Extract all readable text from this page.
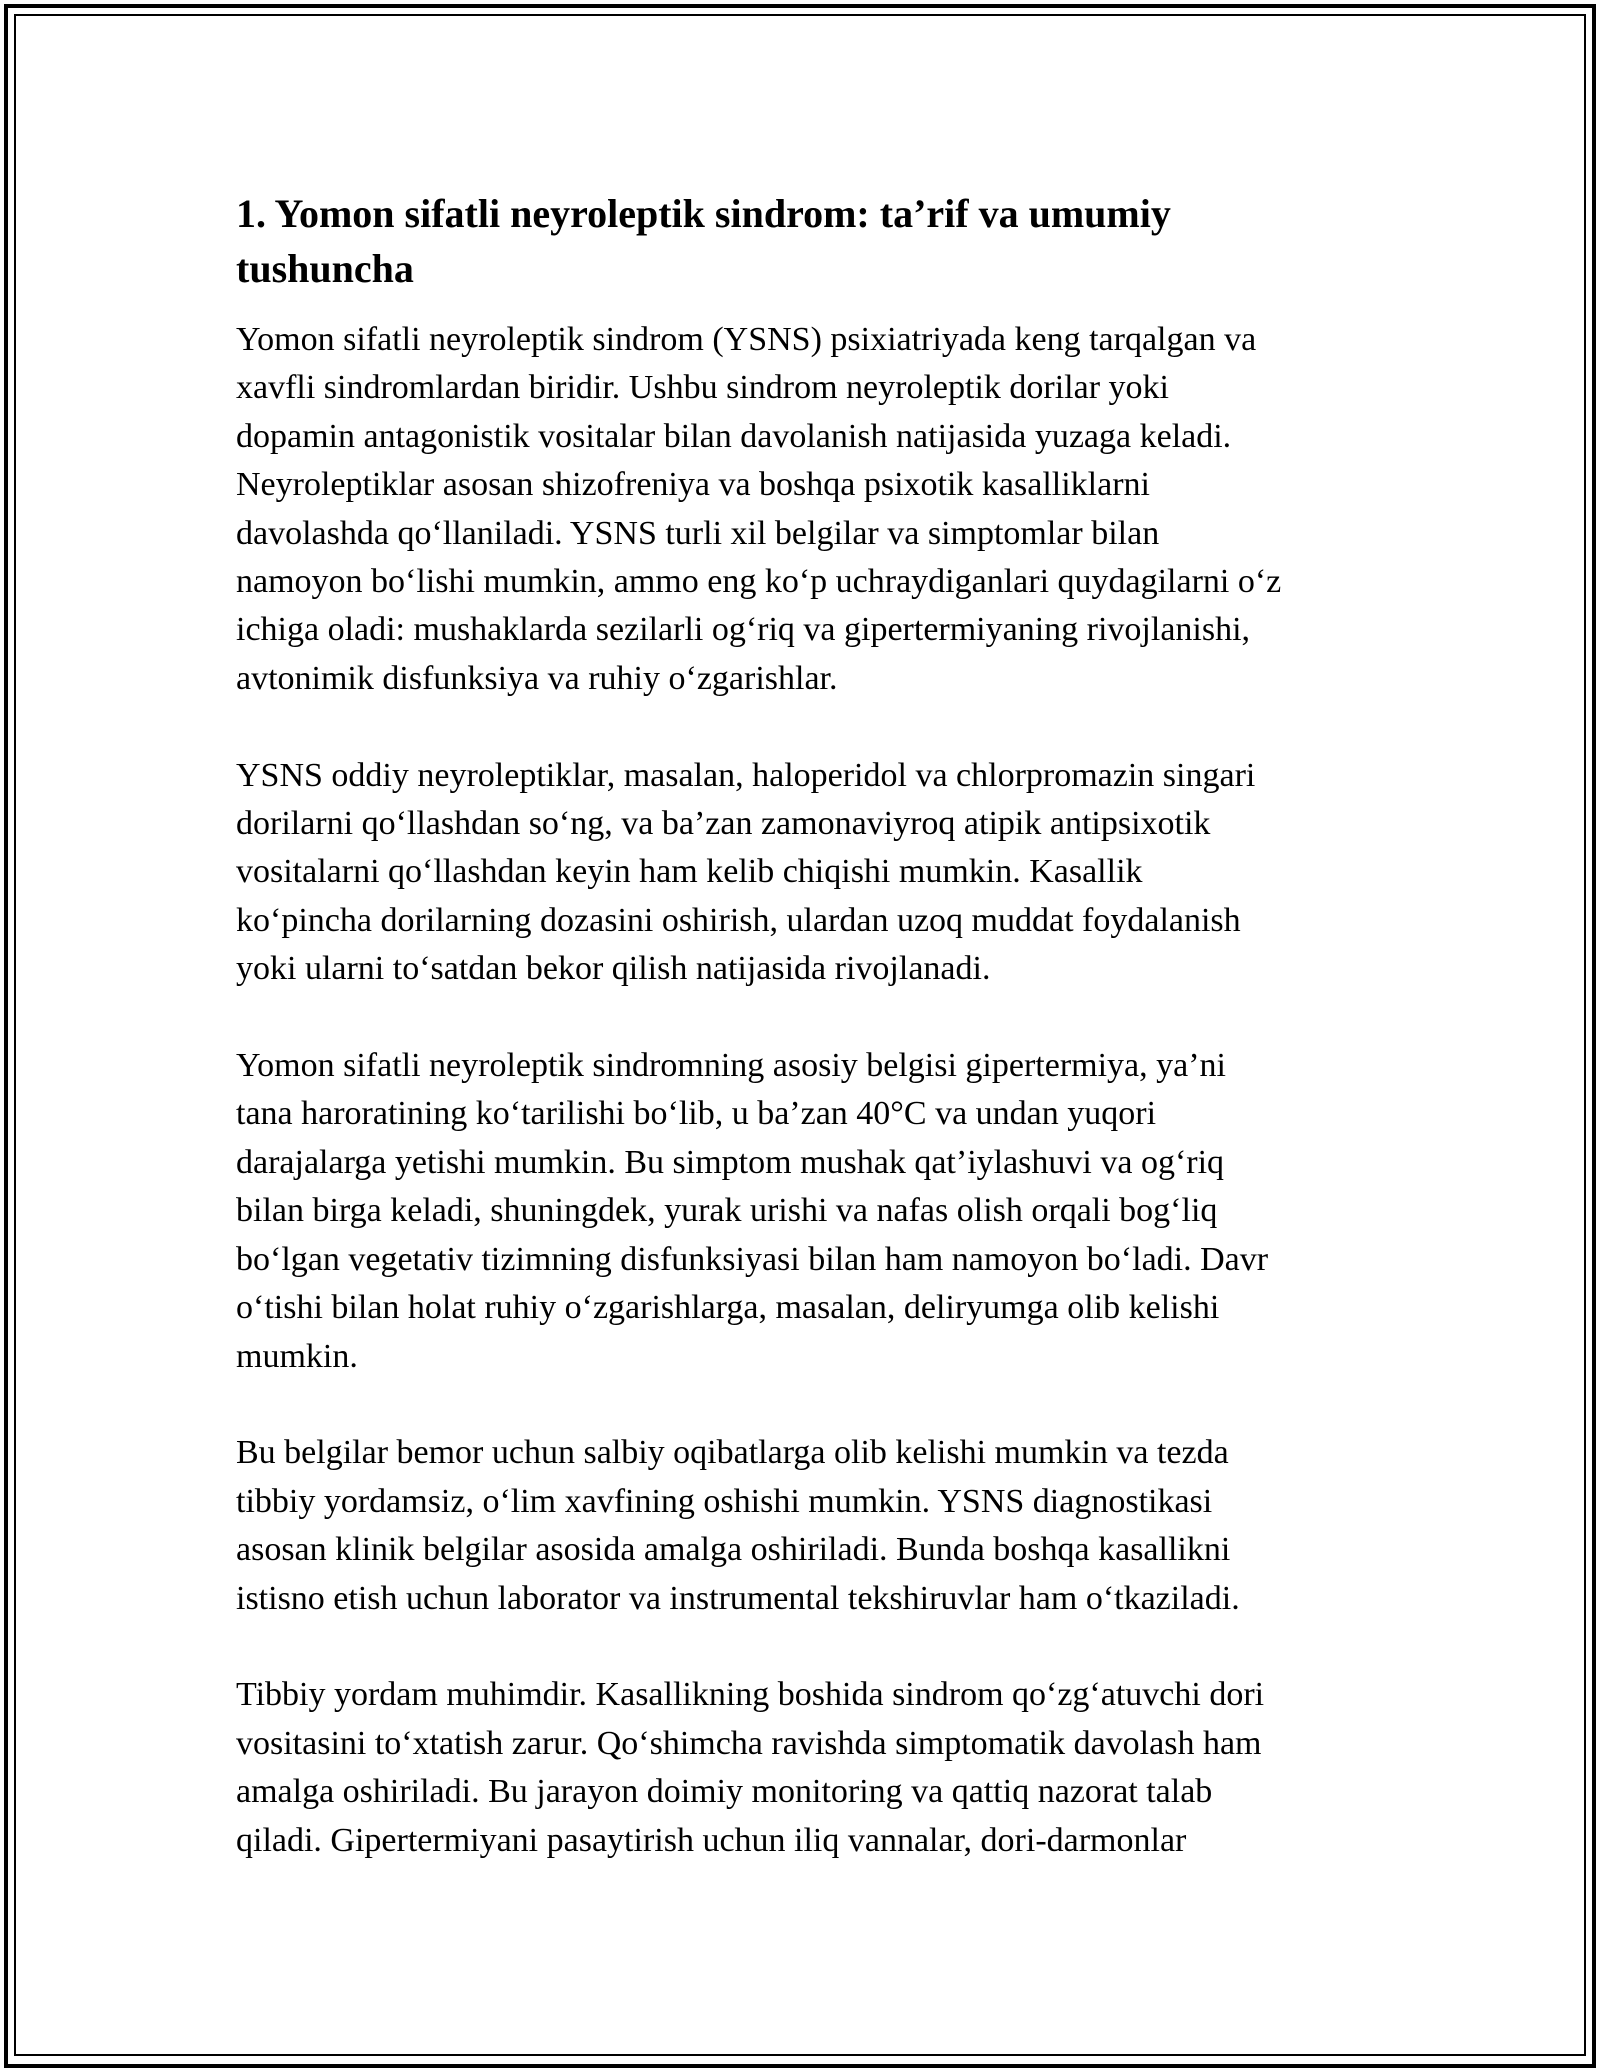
1. Yomon sifatli neyroleptik sindrom: ta’rif va umumiy
tushuncha

Yomon sifatli neyroleptik sindrom (YSNS) psixiatriyada keng tarqalgan va
xavfli sindromlardan biridir. Ushbu sindrom neyroleptik dorilar yoki
dopamin antagonistik vositalar bilan davolanish natijasida yuzaga keladi.
Neyroleptiklar asosan shizofreniya va boshqa psixotik kasalliklarni
davolashda qo‘llaniladi. YSNS turli xil belgilar va simptomlar bilan
namoyon bo‘lishi mumkin, ammo eng ko‘p uchraydiganlari quydagilarni o‘z
ichiga oladi: mushaklarda sezilarli og‘riq va gipertermiyaning rivojlanishi,
avtonimik disfunksiya va ruhiy o‘zgarishlar.

YSNS oddiy neyroleptiklar, masalan, haloperidol va chlorpromazin singari
dorilarni qo‘llashdan so‘ng, va ba’zan zamonaviyroq atipik antipsixotik
vositalarni qo‘llashdan keyin ham kelib chiqishi mumkin. Kasallik
ko‘pincha dorilarning dozasini oshirish, ulardan uzoq muddat foydalanish
yoki ularni to‘satdan bekor qilish natijasida rivojlanadi.

Yomon sifatli neyroleptik sindromning asosiy belgisi gipertermiya, ya’ni
tana haroratining ko‘tarilishi bo‘lib, u ba’zan 40°C va undan yuqori
darajalarga yetishi mumkin. Bu simptom mushak qat’iylashuvi va og‘riq
bilan birga keladi, shuningdek, yurak urishi va nafas olish orqali bog‘liq
bo‘lgan vegetativ tizimning disfunksiyasi bilan ham namoyon bo‘ladi. Davr
o‘tishi bilan holat ruhiy o‘zgarishlarga, masalan, deliryumga olib kelishi
mumkin.

Bu belgilar bemor uchun salbiy oqibatlarga olib kelishi mumkin va tezda
tibbiy yordamsiz, o‘lim xavfining oshishi mumkin. YSNS diagnostikasi
asosan klinik belgilar asosida amalga oshiriladi. Bunda boshqa kasallikni
istisno etish uchun laborator va instrumental tekshiruvlar ham o‘tkaziladi.

Tibbiy yordam muhimdir. Kasallikning boshida sindrom qo‘zg‘atuvchi dori
vositasini to‘xtatish zarur. Qo‘shimcha ravishda simptomatik davolash ham
amalga oshiriladi. Bu jarayon doimiy monitoring va qattiq nazorat talab
qiladi. Gipertermiyani pasaytirish uchun iliq vannalar, dori-darmonlar
